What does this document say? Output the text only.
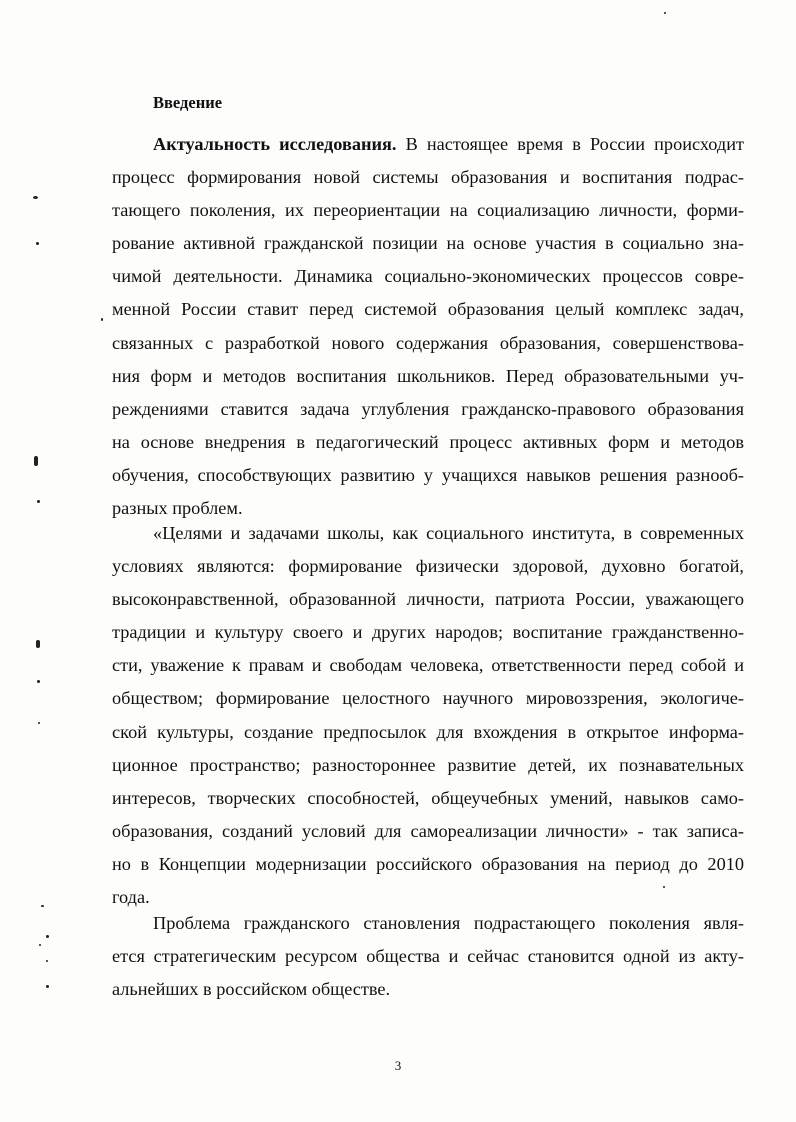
Введение
Актуальность исследования. В настоящее время в России происходит
процесс формирования новой системы образования и воспитания подрас-
тающего поколения, их переориентации на социализацию личности, форми-
рование активной гражданской позиции на основе участия в социально зна-
чимой деятельности. Динамика социально-экономических процессов совре-
менной России ставит перед системой образования целый комплекс задач,
связанных с разработкой нового содержания образования, совершенствова-
ния форм и методов воспитания школьников. Перед образовательными уч-
реждениями ставится задача углубления гражданско-правового образования
на основе внедрения в педагогический процесс активных форм и методов
обучения, способствующих развитию у учащихся навыков решения разнооб-
разных проблем.
«Целями и задачами школы, как социального института, в современных
условиях являются: формирование физически здоровой, духовно богатой,
высоконравственной, образованной личности, патриота России, уважающего
традиции и культуру своего и других народов; воспитание гражданственно-
сти, уважение к правам и свободам человека, ответственности перед собой и
обществом; формирование целостного научного мировоззрения, экологиче-
ской культуры, создание предпосылок для вхождения в открытое информа-
ционное пространство; разностороннее развитие детей, их познавательных
интересов, творческих способностей, общеучебных умений, навыков само-
образования, созданий условий для самореализации личности» - так записа-
но в Концепции модернизации российского образования на период до 2010
года.
Проблема гражданского становления подрастающего поколения явля-
ется стратегическим ресурсом общества и сейчас становится одной из акту-
альнейших в российском обществе.
3
